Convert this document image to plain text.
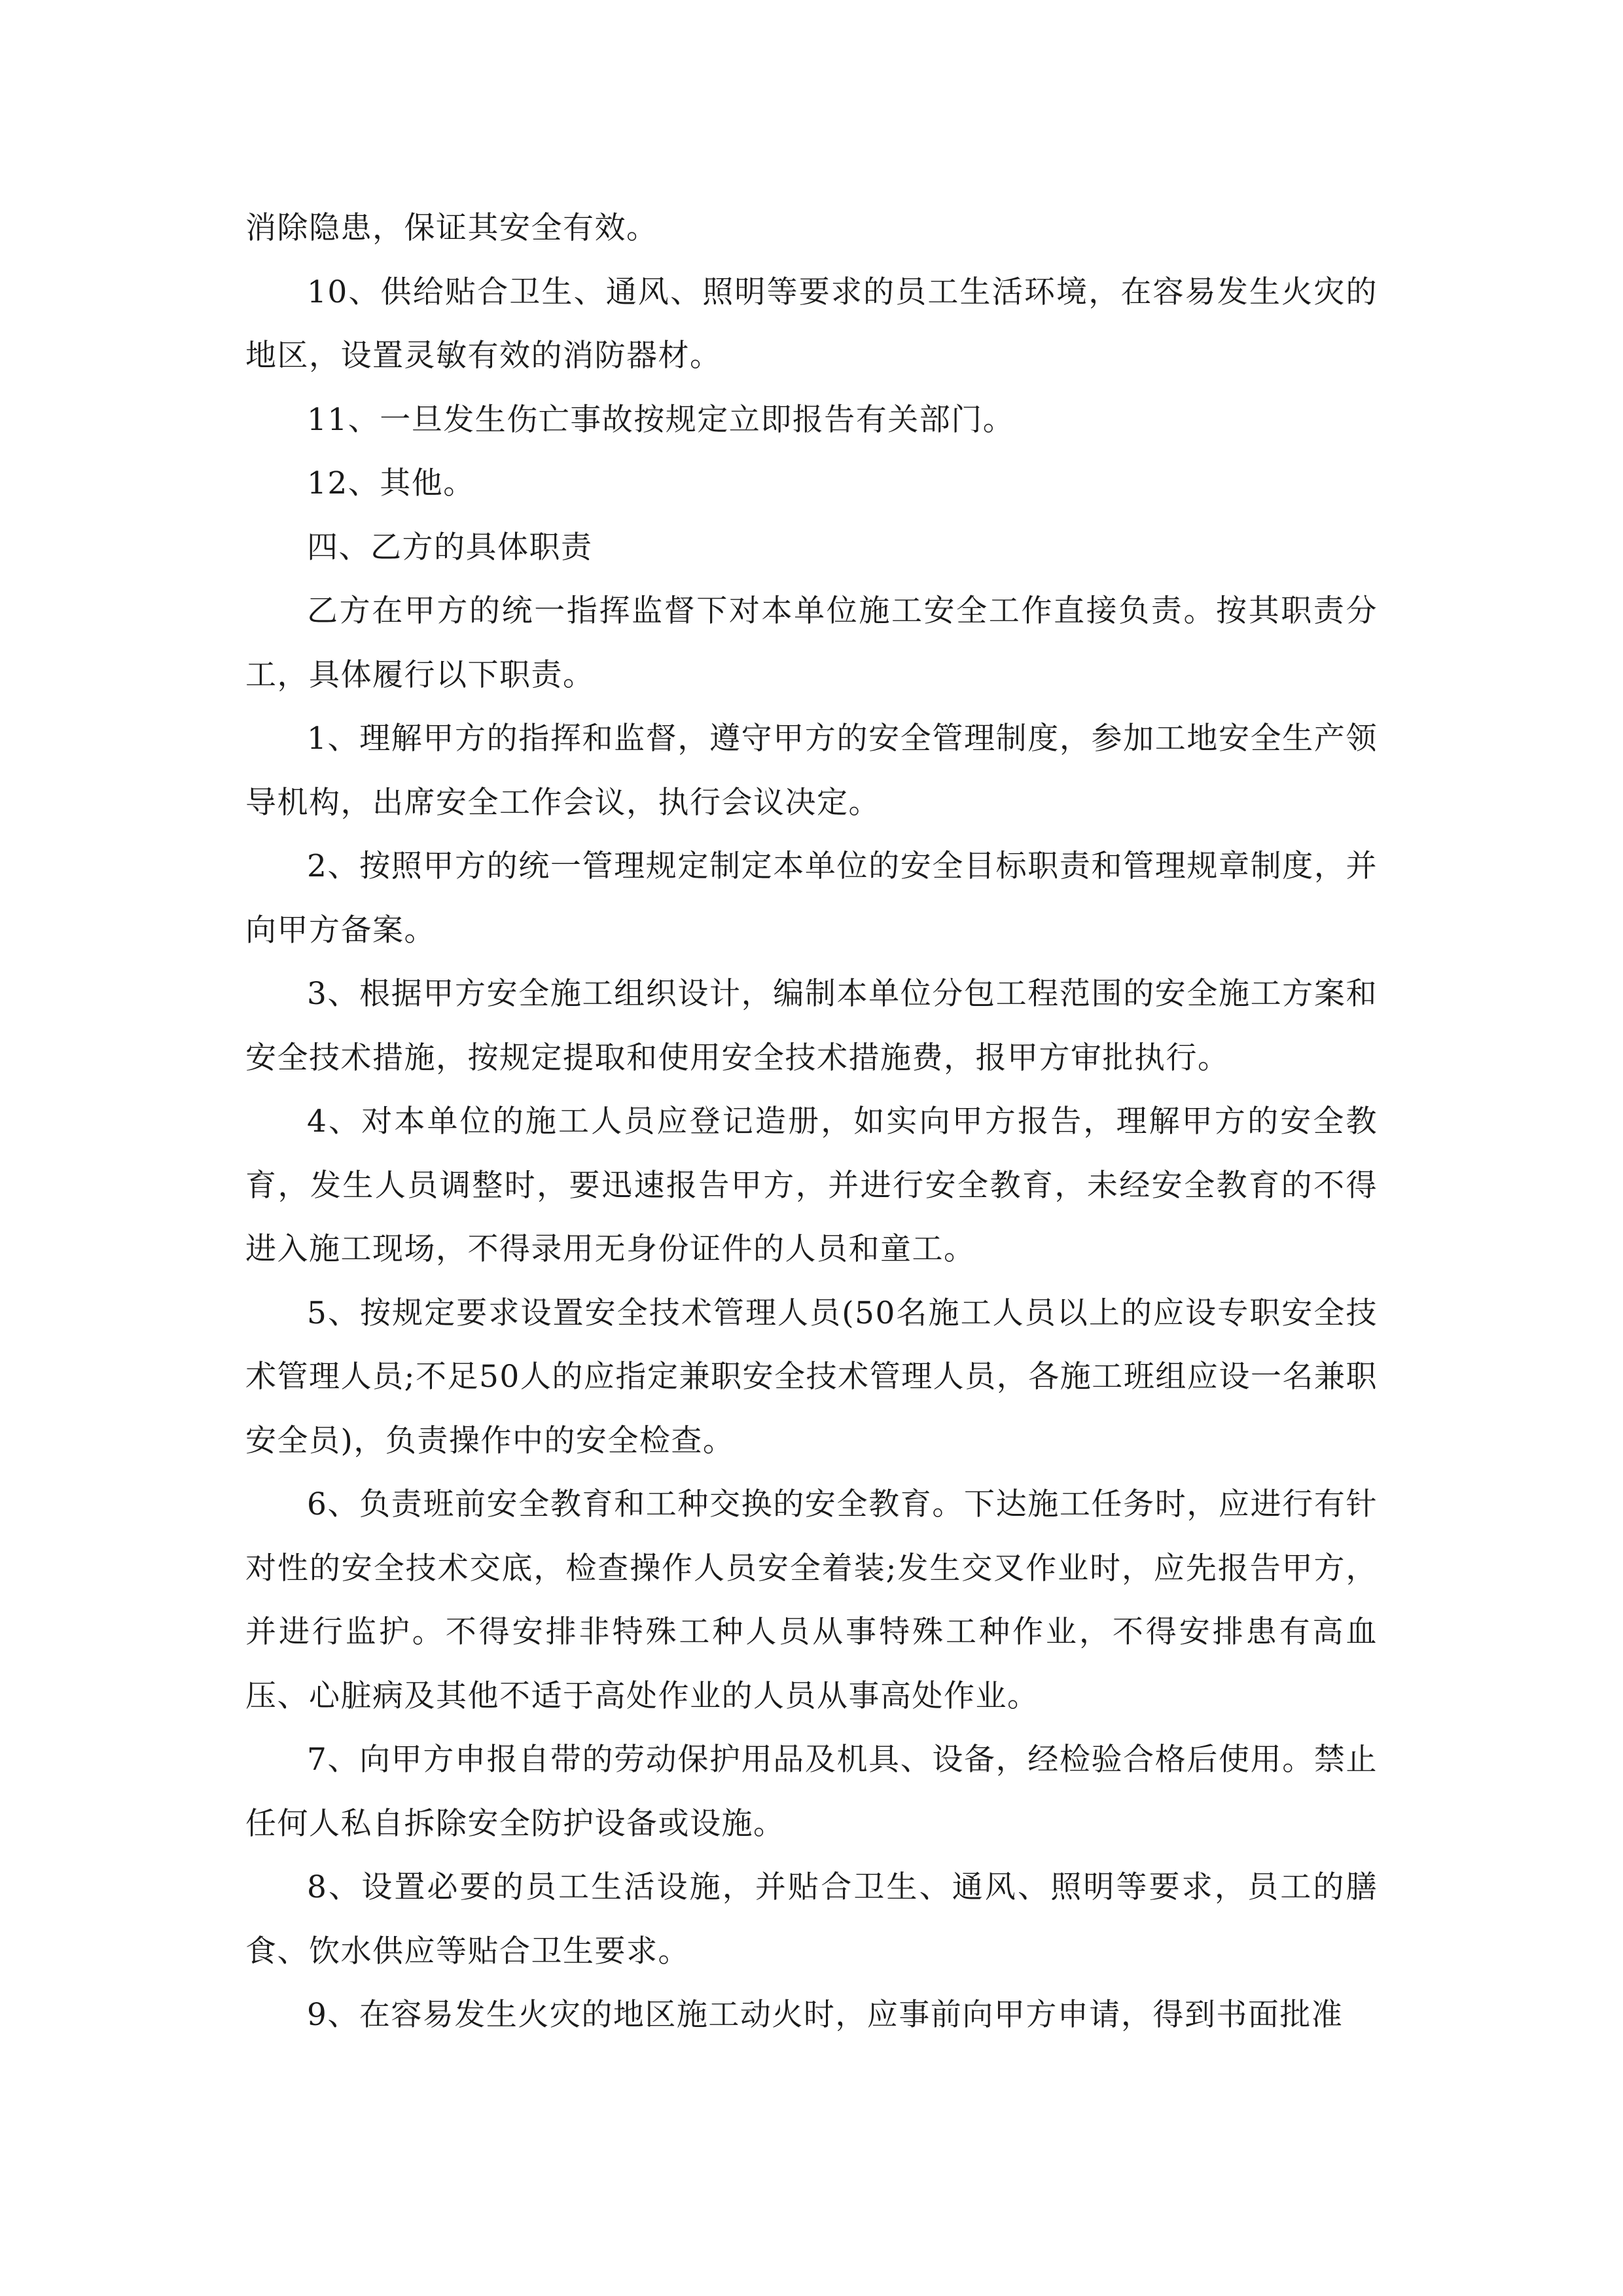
消除隐患，保证其安全有效。

10、供给贴合卫生、通风、照明等要求的员工生活环境，在容易发生火灾的地区，设置灵敏有效的消防器材。

11、一旦发生伤亡事故按规定立即报告有关部门。

12、其他。

四、乙方的具体职责

乙方在甲方的统一指挥监督下对本单位施工安全工作直接负责。按其职责分工，具体履行以下职责。

1、理解甲方的指挥和监督，遵守甲方的安全管理制度，参加工地安全生产领导机构，出席安全工作会议，执行会议决定。

2、按照甲方的统一管理规定制定本单位的安全目标职责和管理规章制度，并向甲方备案。

3、根据甲方安全施工组织设计，编制本单位分包工程范围的安全施工方案和安全技术措施，按规定提取和使用安全技术措施费，报甲方审批执行。

4、对本单位的施工人员应登记造册，如实向甲方报告，理解甲方的安全教育，发生人员调整时，要迅速报告甲方，并进行安全教育，未经安全教育的不得进入施工现场，不得录用无身份证件的人员和童工。

5、按规定要求设置安全技术管理人员(50名施工人员以上的应设专职安全技术管理人员;不足50人的应指定兼职安全技术管理人员，各施工班组应设一名兼职安全员)，负责操作中的安全检查。

6、负责班前安全教育和工种交换的安全教育。下达施工任务时，应进行有针对性的安全技术交底，检查操作人员安全着装;发生交叉作业时，应先报告甲方，并进行监护。不得安排非特殊工种人员从事特殊工种作业，不得安排患有高血压、心脏病及其他不适于高处作业的人员从事高处作业。

7、向甲方申报自带的劳动保护用品及机具、设备，经检验合格后使用。禁止任何人私自拆除安全防护设备或设施。

8、设置必要的员工生活设施，并贴合卫生、通风、照明等要求，员工的膳食、饮水供应等贴合卫生要求。

9、在容易发生火灾的地区施工动火时，应事前向甲方申请，得到书面批准
